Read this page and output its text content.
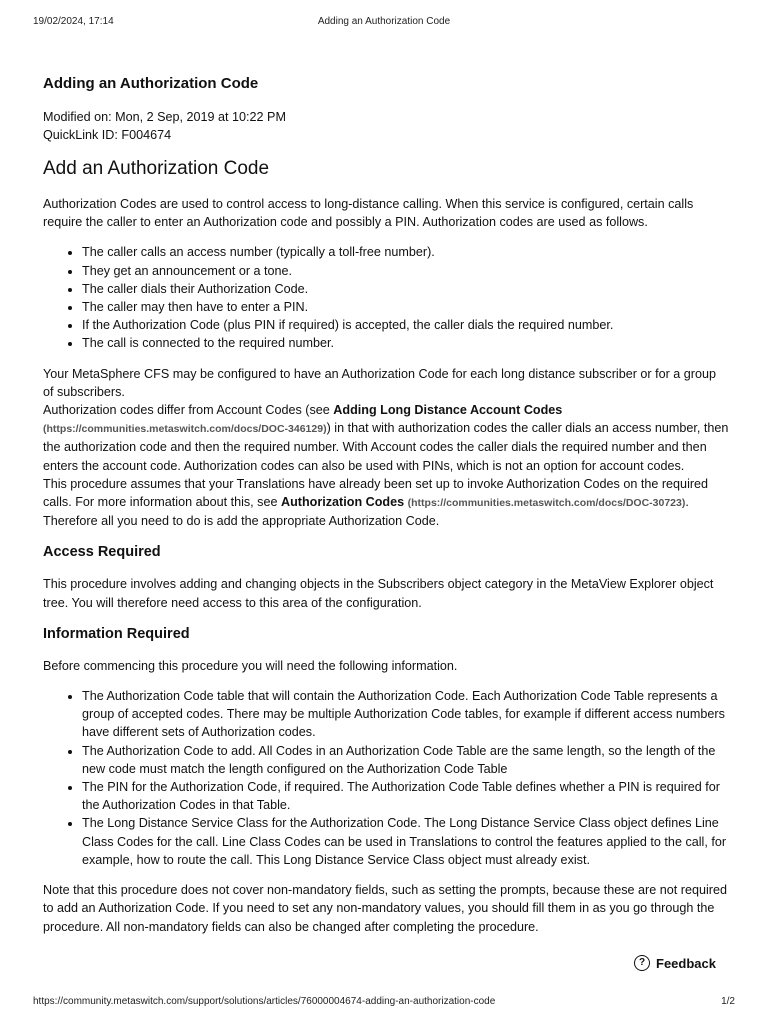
19/02/2024, 17:14	Adding an Authorization Code
Adding an Authorization Code
Modified on: Mon, 2 Sep, 2019 at 10:22 PM
QuickLink ID: F004674
Add an Authorization Code

Authorization Codes are used to control access to long-distance calling. When this service is configured, certain calls require the caller to enter an Authorization code and possibly a PIN. Authorization codes are used as follows.

• The caller calls an access number (typically a toll-free number).
• They get an announcement or a tone.
• The caller dials their Authorization Code.
• The caller may then have to enter a PIN.
• If the Authorization Code (plus PIN if required) is accepted, the caller dials the required number.
• The call is connected to the required number.

Your MetaSphere CFS may be configured to have an Authorization Code for each long distance subscriber or for a group of subscribers.
Authorization codes differ from Account Codes (see Adding Long Distance Account Codes
(https://communities.metaswitch.com/docs/DOC-346129)) in that with authorization codes the caller dials an access number, then the authorization code and then the required number. With Account codes the caller dials the required number and then enters the account code. Authorization codes can also be used with PINs, which is not an option for account codes.
This procedure assumes that your Translations have already been set up to invoke Authorization Codes on the required calls. For more information about this, see Authorization Codes (https://communities.metaswitch.com/docs/DOC-30723). Therefore all you need to do is add the appropriate Authorization Code.

Access Required

This procedure involves adding and changing objects in the Subscribers object category in the MetaView Explorer object tree. You will therefore need access to this area of the configuration.

Information Required

Before commencing this procedure you will need the following information.

• The Authorization Code table that will contain the Authorization Code. Each Authorization Code Table represents a group of accepted codes. There may be multiple Authorization Code tables, for example if different access numbers have different sets of Authorization codes.
• The Authorization Code to add. All Codes in an Authorization Code Table are the same length, so the length of the new code must match the length configured on the Authorization Code Table
• The PIN for the Authorization Code, if required. The Authorization Code Table defines whether a PIN is required for the Authorization Codes in that Table.
• The Long Distance Service Class for the Authorization Code. The Long Distance Service Class object defines Line Class Codes for the call. Line Class Codes can be used in Translations to control the features applied to the call, for example, how to route the call. This Long Distance Service Class object must already exist.

Note that this procedure does not cover non-mandatory fields, such as setting the prompts, because these are not required to add an Authorization Code. If you need to set any non-mandatory values, you should fill them in as you go through the procedure. All non-mandatory fields can also be changed after completing the procedure.

? Feedback
https://community.metaswitch.com/support/solutions/articles/76000004674-adding-an-authorization-code	1/2
